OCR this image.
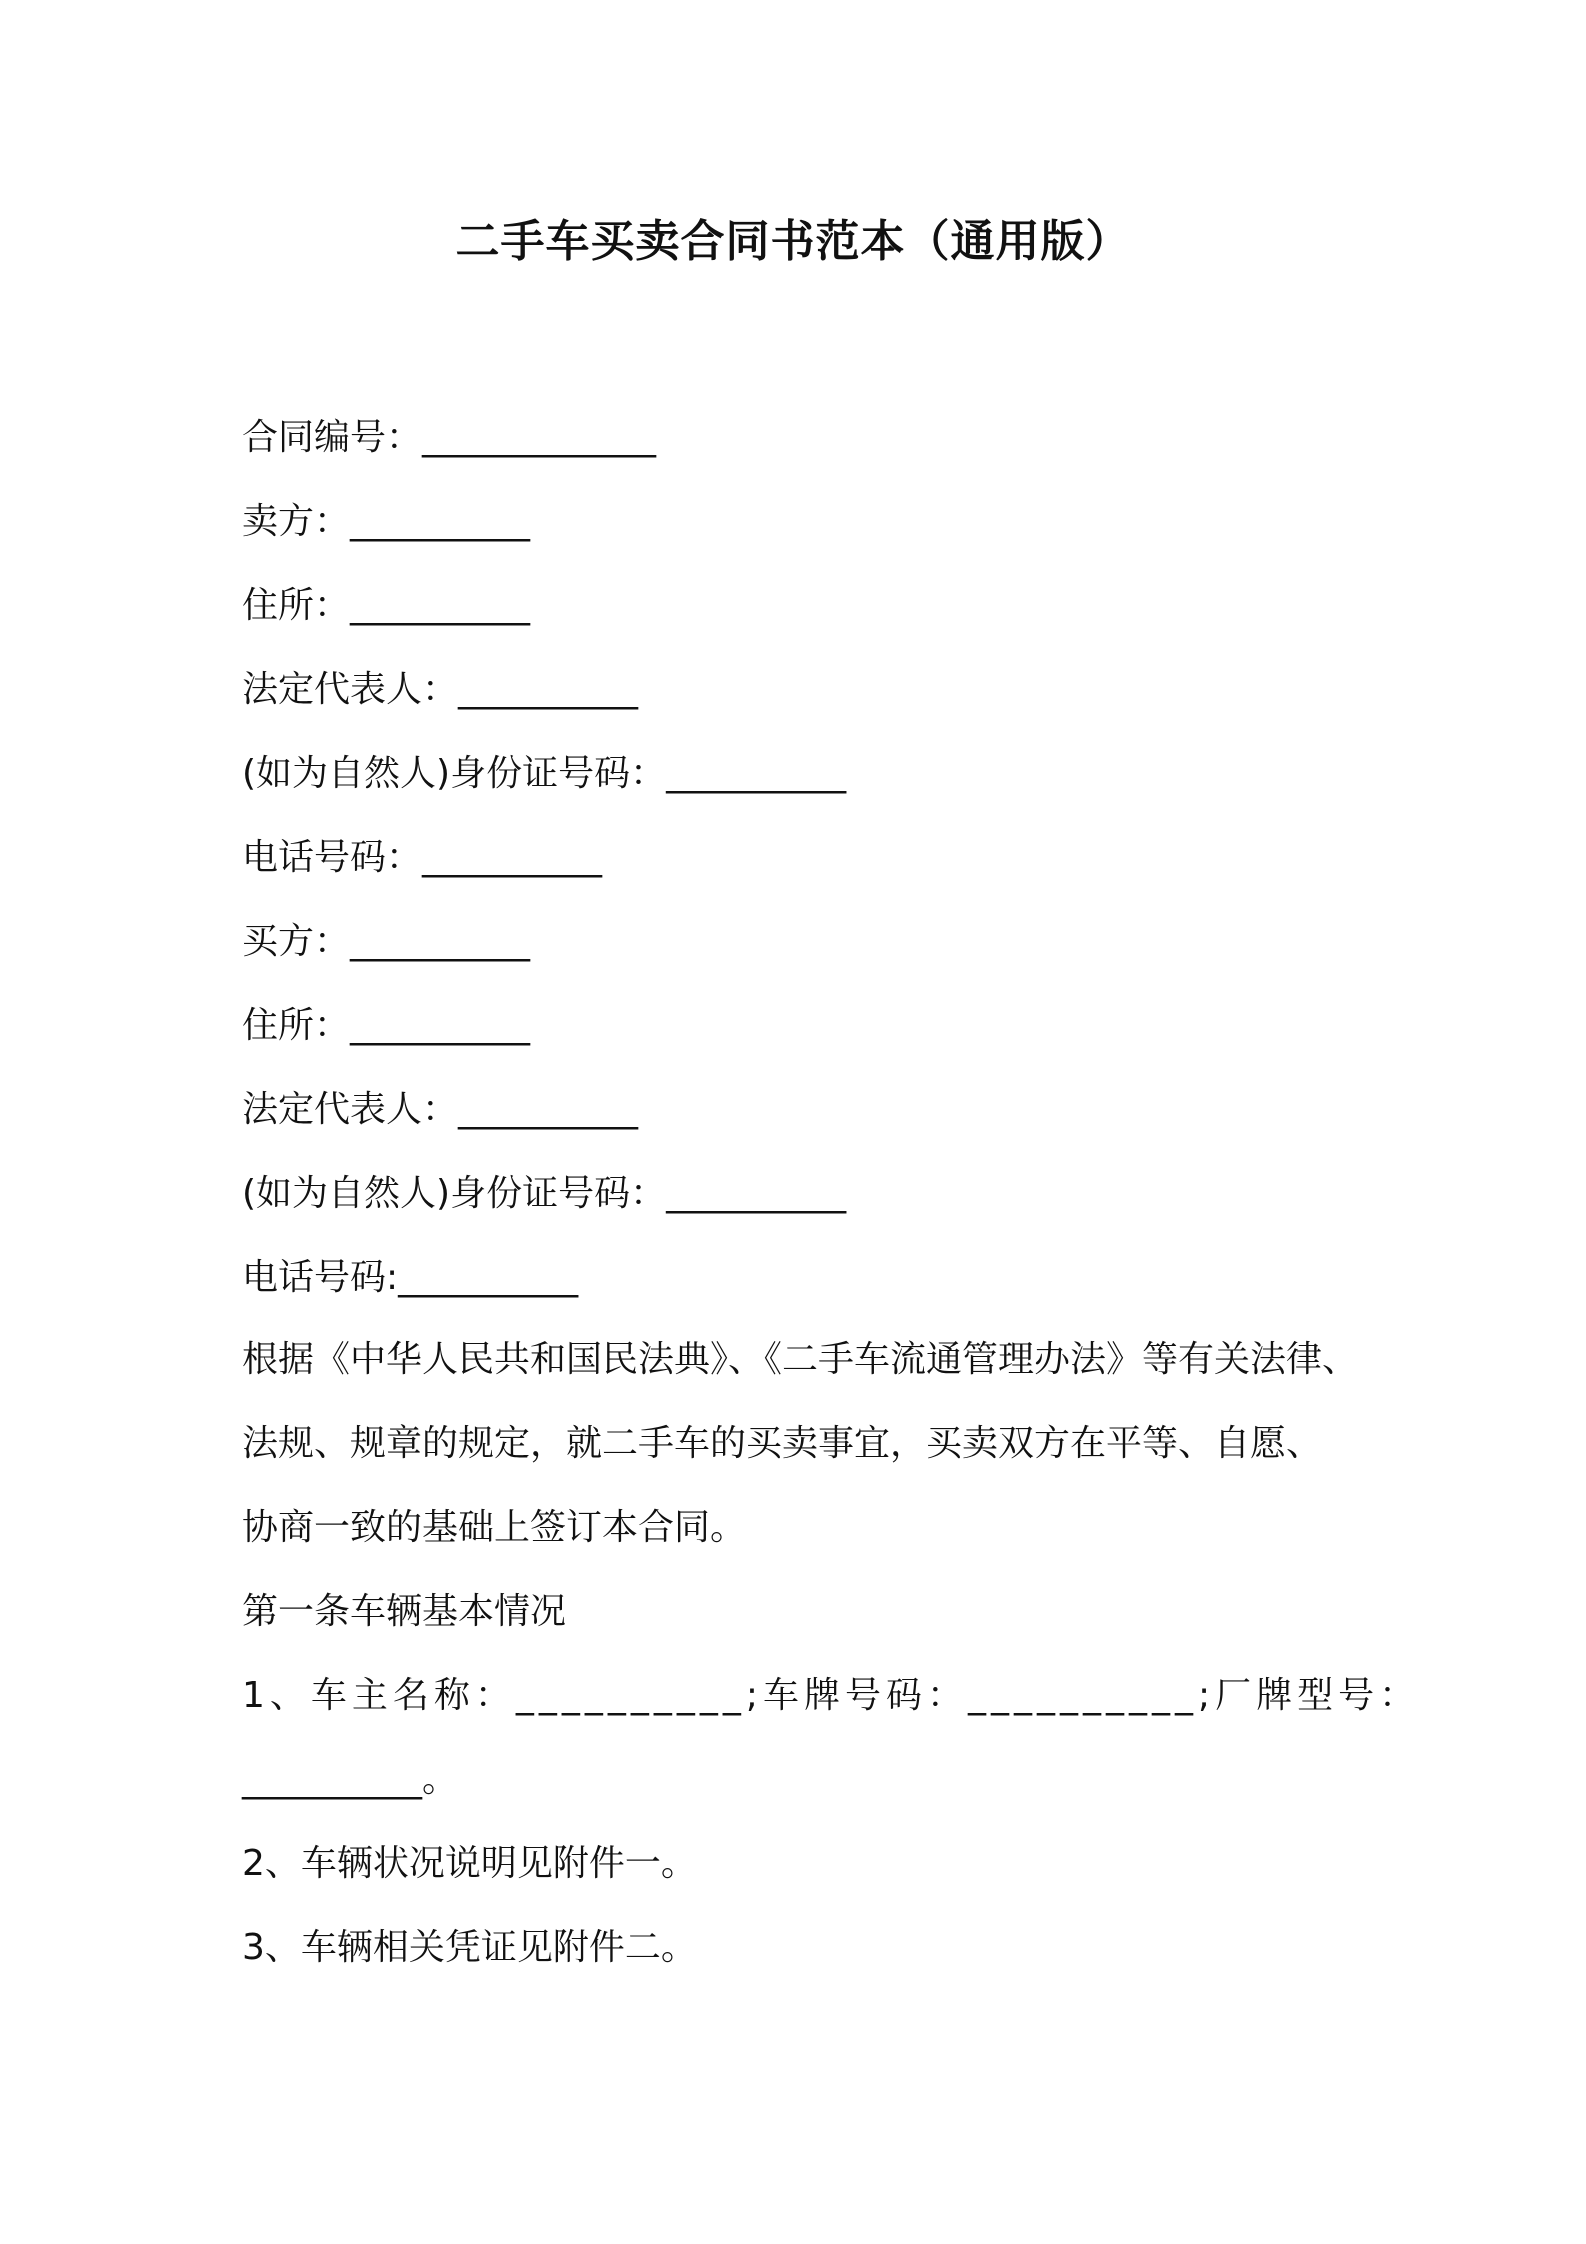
二手车买卖合同书范本（通用版）
合同编号：_____________
卖方：__________
住所：__________
法定代表人：__________
(如为自然人)身份证号码：__________
电话号码：__________
买方：__________
住所：__________
法定代表人：__________
(如为自然人)身份证号码：__________
电话号码:__________
根据《中华人民共和国民法典》、《二手车流通管理办法》等有关法律、
法规、规章的规定，就二手车的买卖事宜，买卖双方在平等、自愿、
协商一致的基础上签订本合同。
第一条车辆基本情况
1、车主名称：__________;车牌号码：__________;厂牌型号：
__________。
2、车辆状况说明见附件一。
3、车辆相关凭证见附件二。
